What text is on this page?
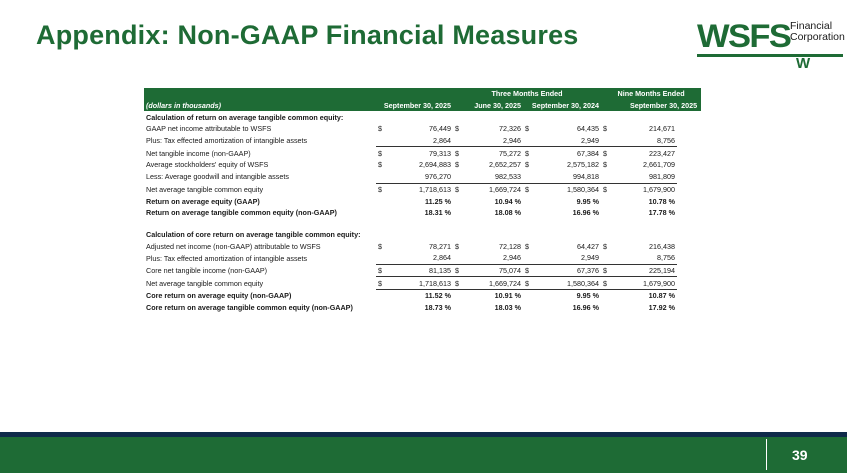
Appendix: Non-GAAP Financial Measures	WSFS Financial
Corporation
W
			Three Months Ended				Nine Months Ended		
(dollars in thousands)	September 30, 2025		June 30, 2025		September 30, 2024		September 30, 2025		
Calculation of return on average tangible common equity:									
GAAP net income attributable to WSFS	$	76,449	$	72,326	$	64,435	$	214,671	
Plus: Tax effected amortization of intangible assets		2,864		2,946		2,949		8,756	
Net tangible income (non-GAAP)	$	79,313	$	75,272	$	67,384	$	223,427	
Average stockholders' equity of WSFS	$	2,694,883	$	2,652,257	$	2,575,182	$	2,661,709	
Less: Average goodwill and intangible assets		976,270		982,533		994,818		981,809	
Net average tangible common equity	$	1,718,613	$	1,669,724	$	1,580,364	$	1,679,900	
Return on average equity (GAAP)		11.25 %		10.94 %		9.95 %		10.78 %	
Return on average tangible common equity (non-GAAP)		18.31 %		18.08 %		16.96 %		17.78 %	

Calculation of core return on average tangible common equity:									
Adjusted net income (non-GAAP) attributable to WSFS	$	78,271	$	72,128	$	64,427	$	216,438	
Plus: Tax effected amortization of intangible assets		2,864		2,946		2,949		8,756	
Core net tangible income (non-GAAP)	$	81,135	$	75,074	$	67,376	$	225,194	
Net average tangible common equity	$	1,718,613	$	1,669,724	$	1,580,364	$	1,679,900	
Core return on average equity (non-GAAP)		11.52 %		10.91 %		9.95 %		10.87 %	
Core return on average tangible common equity (non-GAAP)		18.73 %		18.03 %		16.96 %		17.92 %	
39
